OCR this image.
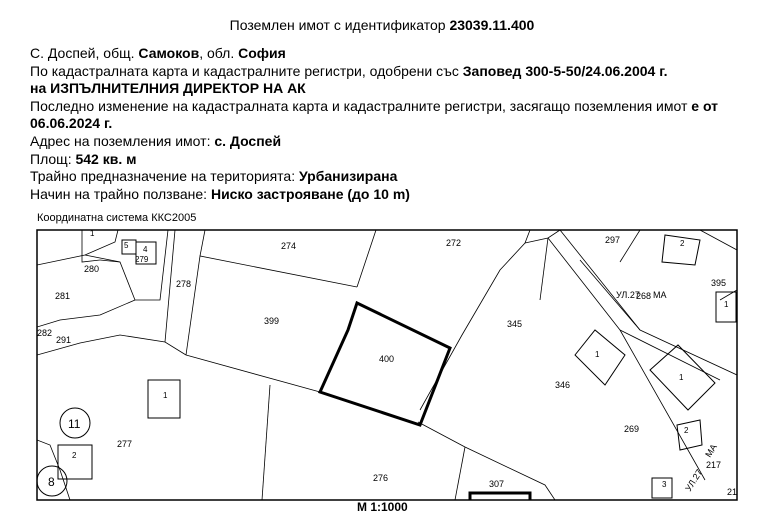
Поземлен имот с идентификатор 23039.11.400
С. Доспей, общ. Самоков, обл. София
По кадастралната карта и кадастралните регистри, одобрени със Заповед 300-5-50/24.06.2004 г.
на ИЗПЪЛНИТЕЛНИЯ ДИРЕКТОР НА АК
Последно изменение на кадастралната карта и кадастралните регистри, засягащо поземления имот е от 06.06.2024 г.
Адрес на поземления имот: с. Доспей
Площ: 542 кв. м
Трайно предназначение на територията: Урбанизирана
Начин на трайно ползване: Ниско застрояване (до 10 m)
Координатна система ККС2005
274	272	297
395
280
281
282
291
278
399
400
345
346
277
276
269
307
217
21
1
5 4
279
2
1
1
1
2
2
3
1
УЛ.27
268 МА
УЛ.27
МА
11
8
М 1:1000
